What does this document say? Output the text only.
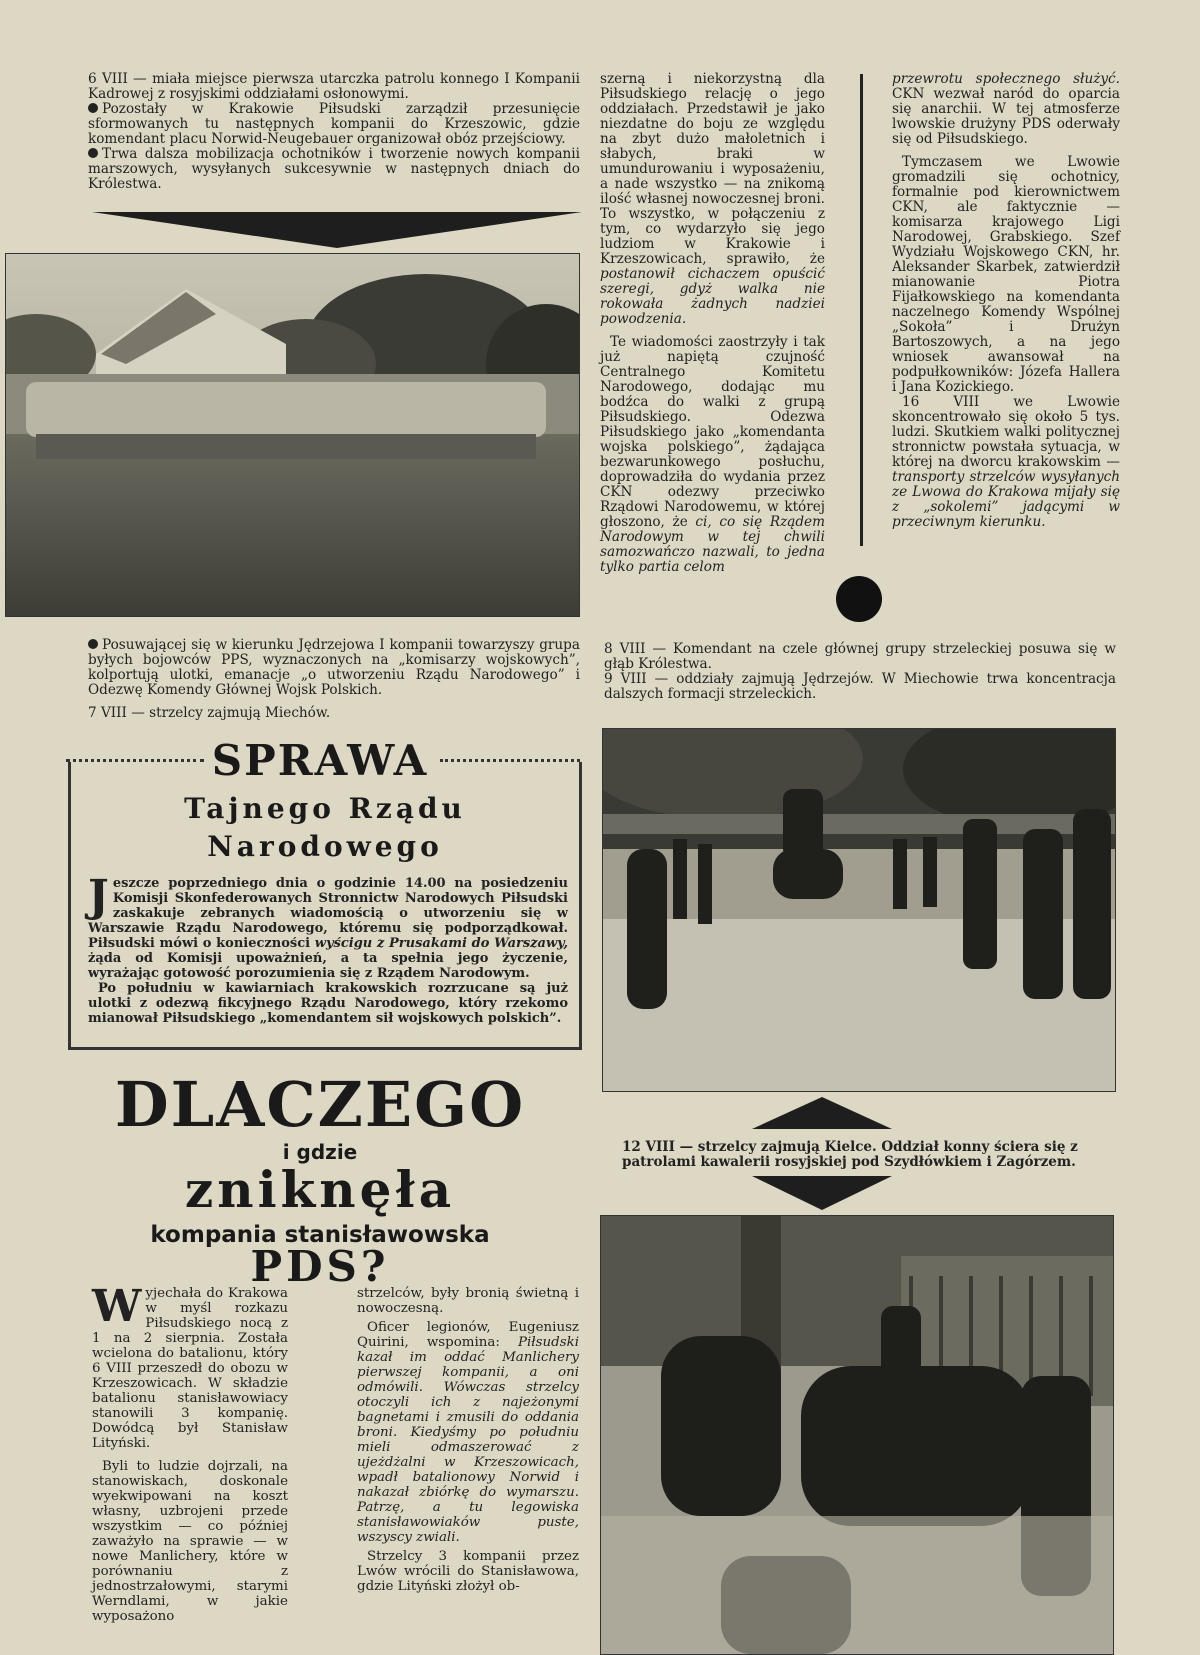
6 VIII — miała miejsce pierwsza utarczka patrolu konnego I Kompanii Kadrowej z rosyjskimi oddziałami osłonowymi.

Pozostały w Krakowie Piłsudski zarządził przesunięcie sformowanych tu następnych kompanii do Krzeszowic, gdzie komendant placu Norwid-Neugebauer organizował obóz przejściowy.

Trwa dalsza mobilizacja ochotników i tworzenie nowych kompanii marszowych, wysyłanych sukcesywnie w następnych dniach do Królestwa.

szerną i niekorzystną dla Piłsudskiego relację o jego oddziałach. Przedstawił je jako niezdatne do boju ze względu na zbyt dużo małoletnich i słabych, braki w umundurowaniu i wyposażeniu, a nade wszystko — na znikomą ilość własnej nowoczesnej broni. To wszystko, w połączeniu z tym, co wydarzyło się jego ludziom w Krakowie i Krzeszowicach, sprawiło, że postanowił cichaczem opuścić szeregi, gdyż walka nie rokowała żadnych nadziei powodzenia.

Te wiadomości zaostrzyły i tak już napiętą czujność Centralnego Komitetu Narodowego, dodając mu bodźca do walki z grupą Piłsudskiego. Odezwa Piłsudskiego jako „komendanta wojska polskiego”, żądająca bezwarunkowego posłuchu, doprowadziła do wydania przez CKN odezwy przeciwko Rządowi Narodowemu, w której głoszono, że ci, co się Rządem Narodowym w tej chwili samozwańczo nazwali, to jedna tylko partia celom

przewrotu społecznego służyć. CKN wezwał naród do oparcia się anarchii. W tej atmosferze lwowskie drużyny PDS oderwały się od Piłsudskiego.

Tymczasem we Lwowie gromadzili się ochotnicy, formalnie pod kierownictwem CKN, ale faktycznie — komisarza krajowego Ligi Narodowej, Grabskiego. Szef Wydziału Wojskowego CKN, hr. Aleksander Skarbek, zatwierdził mianowanie Piotra Fijałkowskiego na komendanta naczelnego Komendy Wspólnej „Sokoła” i Drużyn Bartoszowych, a na jego wniosek awansował na podpułkowników: Józefa Hallera i Jana Kozickiego.

16 VIII we Lwowie skoncentrowało się około 5 tys. ludzi. Skutkiem walki politycznej stronnictw powstała sytuacja, w której na dworcu krakowskim — transporty strzelców wysyłanych ze Lwowa do Krakowa mijały się z „sokolemi” jadącymi w przeciwnym kierunku.

Posuwającej się w kierunku Jędrzejowa I kompanii towarzyszy grupa byłych bojowców PPS, wyznaczonych na „komisarzy wojskowych”, kolportują ulotki, emanacje „o utworzeniu Rządu Narodowego” i Odezwę Komendy Głównej Wojsk Polskich.

7 VIII — strzelcy zajmują Miechów.

8 VIII — Komendant na czele głównej grupy strzeleckiej posuwa się w głąb Królestwa.

9 VIII — oddziały zajmują Jędrzejów. W Miechowie trwa koncentracja dalszych formacji strzeleckich.

SPRAWA
Tajnego Rządu
Narodowego

Jeszcze poprzedniego dnia o godzinie 14.00 na posiedzeniu Komisji Skonfederowanych Stronnictw Narodowych Piłsudski zaskakuje zebranych wiadomością o utworzeniu się w Warszawie Rządu Narodowego, któremu się podporządkował. Piłsudski mówi o konieczności wyścigu z Prusakami do Warszawy, żąda od Komisji upoważnień, a ta spełnia jego życzenie, wyrażając gotowość porozumienia się z Rządem Narodowym.

Po południu w kawiarniach krakowskich rozrzucane są już ulotki z odezwą fikcyjnego Rządu Narodowego, który rzekomo mianował Piłsudskiego „komendantem sił wojskowych polskich”.

DLACZEGO
i gdzie
zniknęła
kompania stanisławowska
PDS?

Wyjechała do Krakowa w myśl rozkazu Piłsudskiego nocą z 1 na 2 sierpnia. Została wcielona do batalionu, który 6 VIII przeszedł do obozu w Krzeszowicach. W składzie batalionu stanisławowiacy stanowili 3 kompanię. Dowódcą był Stanisław Lityński.

Byli to ludzie dojrzali, na stanowiskach, doskonale wyekwipowani na koszt własny, uzbrojeni przede wszystkim — co później zaważyło na sprawie — w nowe Manlichery, które w porównaniu z jednostrzałowymi, starymi Werndlami, w jakie wyposażono

strzelców, były bronią świetną i nowoczesną.

Oficer legionów, Eugeniusz Quirini, wspomina: Piłsudski kazał im oddać Manlichery pierwszej kompanii, a oni odmówili. Wówczas strzelcy otoczyli ich z najeżonymi bagnetami i zmusili do oddania broni. Kiedyśmy po południu mieli odmaszerować z ujeżdżalni w Krzeszowicach, wpadł batalionowy Norwid i nakazał zbiórkę do wymarszu. Patrzę, a tu legowiska stanisławowiaków puste, wszyscy zwiali.

Strzelcy 3 kompanii przez Lwów wrócili do Stanisławowa, gdzie Lityński złożył ob-

12 VIII — strzelcy zajmują Kielce. Oddział konny ściera się z patrolami kawalerii rosyjskiej pod Szydłówkiem i Zagórzem.
